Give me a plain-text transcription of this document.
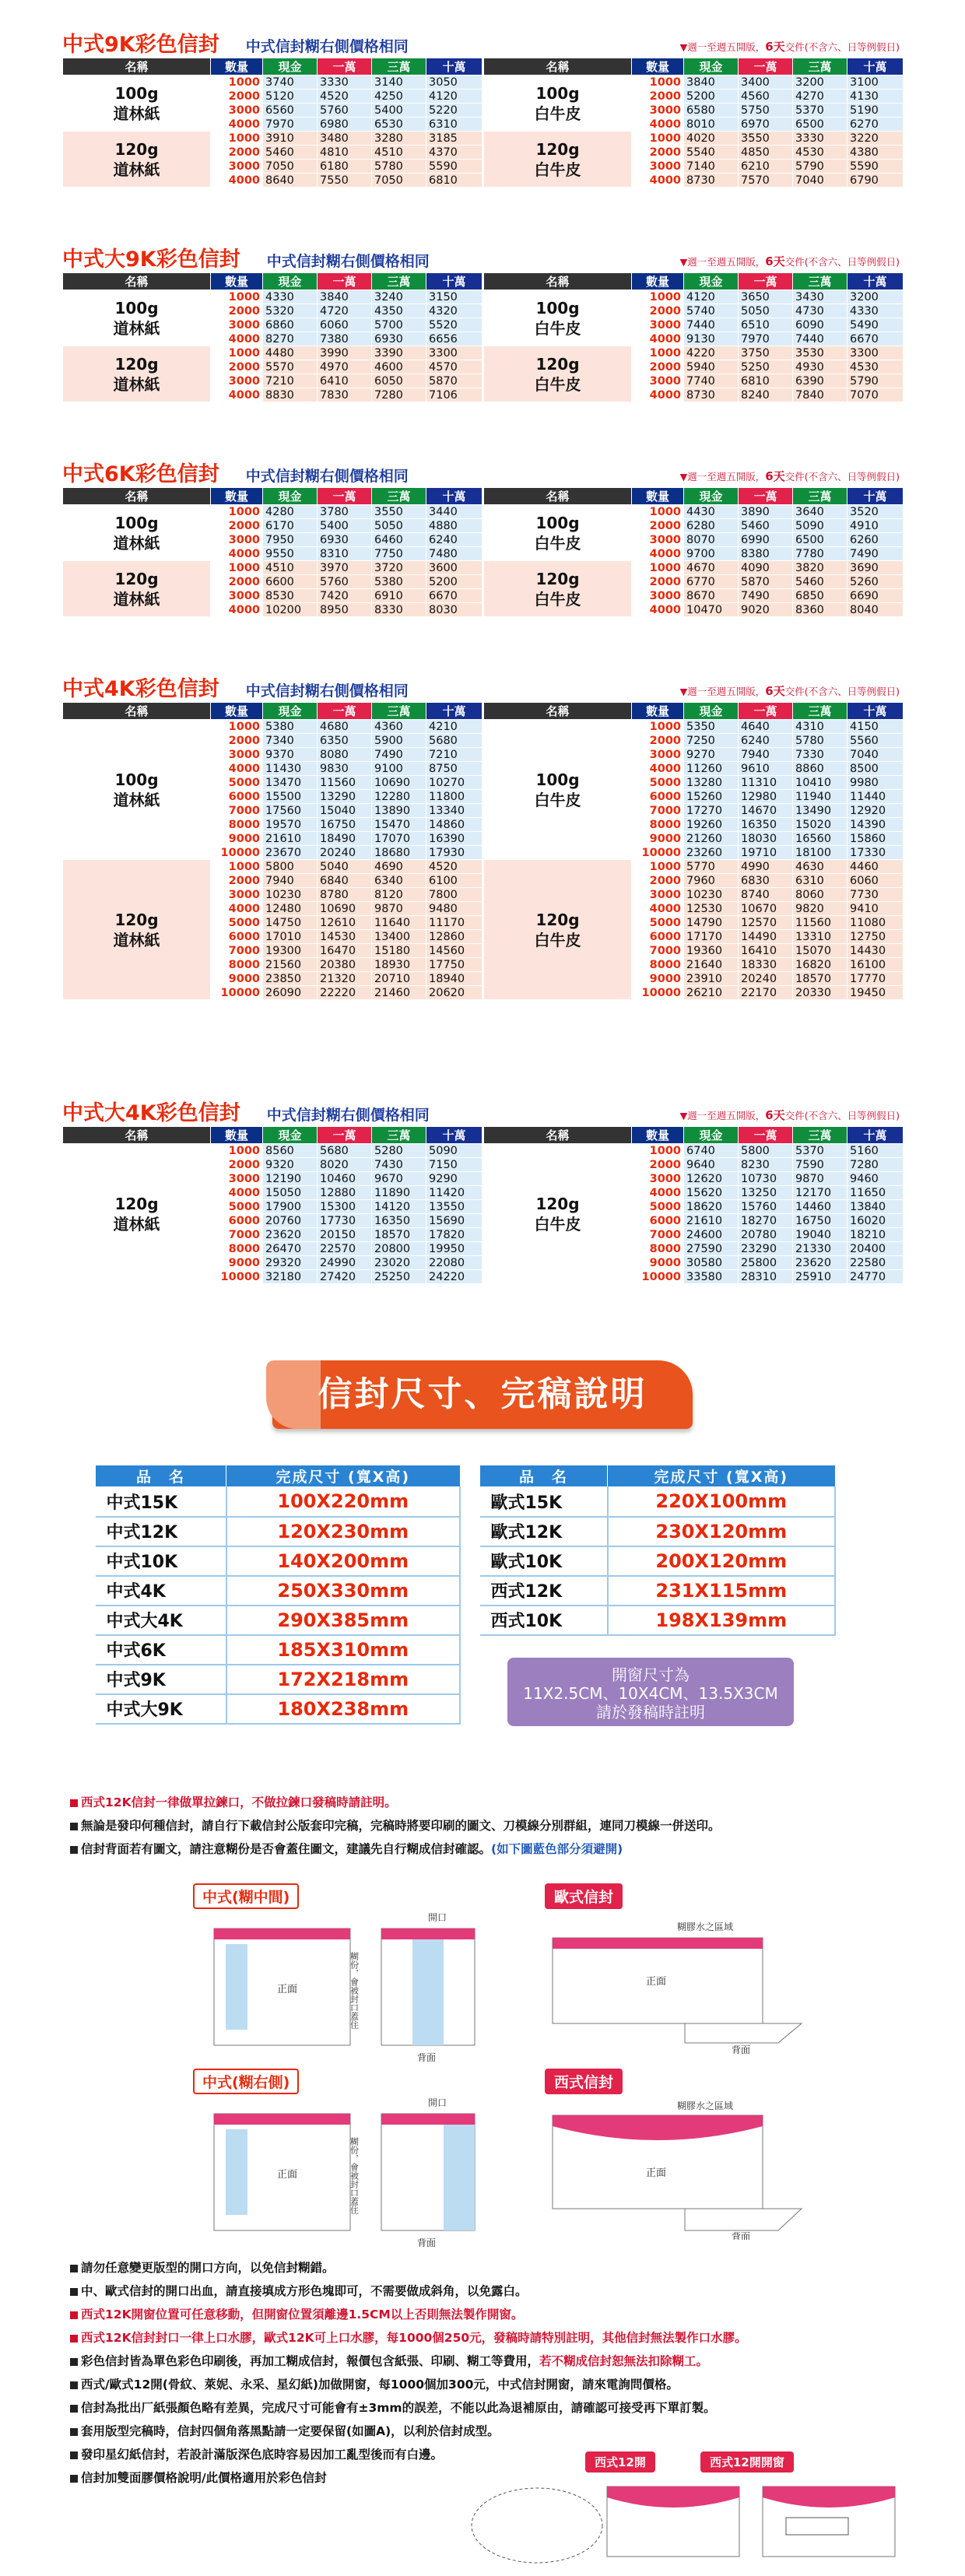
中式9K彩色信封 中式信封糊右側價格相同	▼週一至週五開版，6天交件(不含六、日等例假日)
名稱	數量	現金	一萬	三萬	十萬
100g
道林紙	1000	3740	3330	3140	3050
	2000	5120	4520	4250	4120
	3000	6560	5760	5400	5220
	4000	7970	6980	6530	6310
120g
道林紙	1000	3910	3480	3280	3185
	2000	5460	4810	4510	4370
	3000	7050	6180	5780	5590
	4000	8640	7550	7050	6810
名稱	數量	現金	一萬	三萬	十萬
100g
白牛皮	1000	3840	3400	3200	3100
	2000	5200	4560	4270	4130
	3000	6580	5750	5370	5190
	4000	8010	6970	6500	6270
120g
白牛皮	1000	4020	3550	3330	3220
	2000	5540	4850	4530	4380
	3000	7140	6210	5790	5590
	4000	8730	7570	7040	6790
中式大9K彩色信封 中式信封糊右側價格相同	▼週一至週五開版，6天交件(不含六、日等例假日)
名稱	數量	現金	一萬	三萬	十萬
100g
道林紙	1000	4330	3840	3240	3150
	2000	5320	4720	4350	4320
	3000	6860	6060	5700	5520
	4000	8270	7380	6930	6656
120g
道林紙	1000	4480	3990	3390	3300
	2000	5570	4970	4600	4570
	3000	7210	6410	6050	5870
	4000	8830	7830	7280	7106
名稱	數量	現金	一萬	三萬	十萬
100g
白牛皮	1000	4120	3650	3430	3200
	2000	5740	5050	4730	4330
	3000	7440	6510	6090	5490
	4000	9130	7970	7440	6670
120g
白牛皮	1000	4220	3750	3530	3300
	2000	5940	5250	4930	4530
	3000	7740	6810	6390	5790
	4000	8730	8240	7840	7070
中式6K彩色信封 中式信封糊右側價格相同	▼週一至週五開版，6天交件(不含六、日等例假日)
名稱	數量	現金	一萬	三萬	十萬
100g
道林紙	1000	4280	3780	3550	3440
	2000	6170	5400	5050	4880
	3000	7950	6930	6460	6240
	4000	9550	8310	7750	7480
120g
道林紙	1000	4510	3970	3720	3600
	2000	6600	5760	5380	5200
	3000	8530	7420	6910	6670
	4000	10200	8950	8330	8030
名稱	數量	現金	一萬	三萬	十萬
100g
白牛皮	1000	4430	3890	3640	3520
	2000	6280	5460	5090	4910
	3000	8070	6990	6500	6260
	4000	9700	8380	7780	7490
120g
白牛皮	1000	4670	4090	3820	3690
	2000	6770	5870	5460	5260
	3000	8670	7490	6850	6690
	4000	10470	9020	8360	8040
中式4K彩色信封 中式信封糊右側價格相同	▼週一至週五開版，6天交件(不含六、日等例假日)
名稱	數量	現金	一萬	三萬	十萬
100g
道林紙	1000	5380	4680	4360	4210
	2000	7340	6350	5900	5680
	3000	9370	8080	7490	7210
	4000	11430	9830	9100	8750
	5000	13470	11560	10690	10270
	6000	15500	13290	12280	11800
	7000	17560	15040	13890	13340
	8000	19570	16750	15470	14860
	9000	21610	18490	17070	16390
	10000	23670	20240	18680	17930
120g
道林紙	1000	5800	5040	4690	4520
	2000	7940	6840	6340	6100
	3000	10230	8780	8120	7800
	4000	12480	10690	9870	9480
	5000	14750	12610	11640	11170
	6000	17010	14530	13400	12860
	7000	19300	16470	15180	14560
	8000	21560	20380	18930	17750
	9000	23850	21320	20710	18940
	10000	26090	22220	21460	20620
名稱	數量	現金	一萬	三萬	十萬
100g
白牛皮	1000	5350	4640	4310	4150
	2000	7250	6240	5780	5560
	3000	9270	7940	7330	7040
	4000	11260	9610	8860	8500
	5000	13280	11310	10410	9980
	6000	15260	12980	11940	11440
	7000	17270	14670	13490	12920
	8000	19260	16350	15020	14390
	9000	21260	18030	16560	15860
	10000	23260	19710	18100	17330
120g
白牛皮	1000	5770	4990	4630	4460
	2000	7960	6830	6310	6060
	3000	10230	8740	8060	7730
	4000	12530	10670	9820	9410
	5000	14790	12570	11560	11080
	6000	17170	14490	13310	12750
	7000	19360	16410	15070	14430
	8000	21640	18330	16820	16100
	9000	23910	20240	18570	17770
	10000	26210	22170	20330	19450
中式大4K彩色信封 中式信封糊右側價格相同	▼週一至週五開版，6天交件(不含六、日等例假日)
名稱	數量	現金	一萬	三萬	十萬
120g
道林紙	1000	8560	5680	5280	5090
	2000	9320	8020	7430	7150
	3000	12190	10460	9670	9290
	4000	15050	12880	11890	11420
	5000	17900	15300	14120	13550
	6000	20760	17730	16350	15690
	7000	23620	20150	18570	17820
	8000	26470	22570	20800	19950
	9000	29320	24990	23020	22080
	10000	32180	27420	25250	24220
名稱	數量	現金	一萬	三萬	十萬
120g
白牛皮	1000	6740	5800	5370	5160
	2000	9640	8230	7590	7280
	3000	12620	10730	9870	9460
	4000	15620	13250	12170	11650
	5000	18620	15760	14460	13840
	6000	21610	18270	16750	16020
	7000	24600	20780	19040	18210
	8000	27590	23290	21330	20400
	9000	30580	25800	23620	22580
	10000	33580	28310	25910	24770
信封尺寸、完稿說明
品　名	完成尺寸 (寬X高)
中式15K	100X220mm
中式12K	120X230mm
中式10K	140X200mm
中式4K	250X330mm
中式大4K	290X385mm
中式6K	185X310mm
中式9K	172X218mm
中式大9K	180X238mm
品　名	完成尺寸 (寬X高)
歐式15K	220X100mm
歐式12K	230X120mm
歐式10K	200X120mm
西式12K	231X115mm
西式10K	198X139mm
開窗尺寸為
11X2.5CM、10X4CM、13.5X3CM
請於發稿時註明
西式12K信封一律做單拉鍊口，不做拉鍊口發稿時請註明。
無論是發印何種信封，請自行下載信封公版套印完稿，完稿時將要印刷的圖文、刀模線分別群組，連同刀模線一併送印。
信封背面若有圖文，請注意糊份是否會蓋住圖文，建議先自行糊成信封確認。(如下圖藍色部分須避開)
中式(糊中間)	歐式信封
中式(糊右側)	西式信封
正面	糊份，會被封口蓋住
背面
開口
正面
背面
糊膠水之區域
正面	糊份，會被封口蓋住
背面
開口
正面
背面
糊膠水之區域
請勿任意變更版型的開口方向，以免信封糊錯。
中、歐式信封的開口出血，請直接填成方形色塊即可，不需要做成斜角，以免露白。
西式12K開窗位置可任意移動，但開窗位置須離邊1.5CM以上否則無法製作開窗。
西式12K信封封口一律上口水膠，歐式12K可上口水膠，每1000個250元，發稿時請特別註明，其他信封無法製作口水膠。
彩色信封皆為單色彩色印刷後，再加工糊成信封，報價包含紙張、印刷、糊工等費用，若不糊成信封恕無法扣除糊工。
西式/歐式12開(骨紋、萊妮、永采、星幻紙)加做開窗，每1000個加300元，中式信封開窗，請來電詢問價格。
信封為批出厂紙張顏色略有差異，完成尺寸可能會有±3mm的誤差，不能以此為退補原由，請確認可接受再下單訂製。
套用版型完稿時，信封四個角落黑點請一定要保留(如圖A)，以利於信封成型。
發印星幻紙信封，若設計滿版深色底時容易因加工亂型後而有白邊。
信封加雙面膠價格說明/此價格適用於彩色信封
西式12開	西式12開開窗
